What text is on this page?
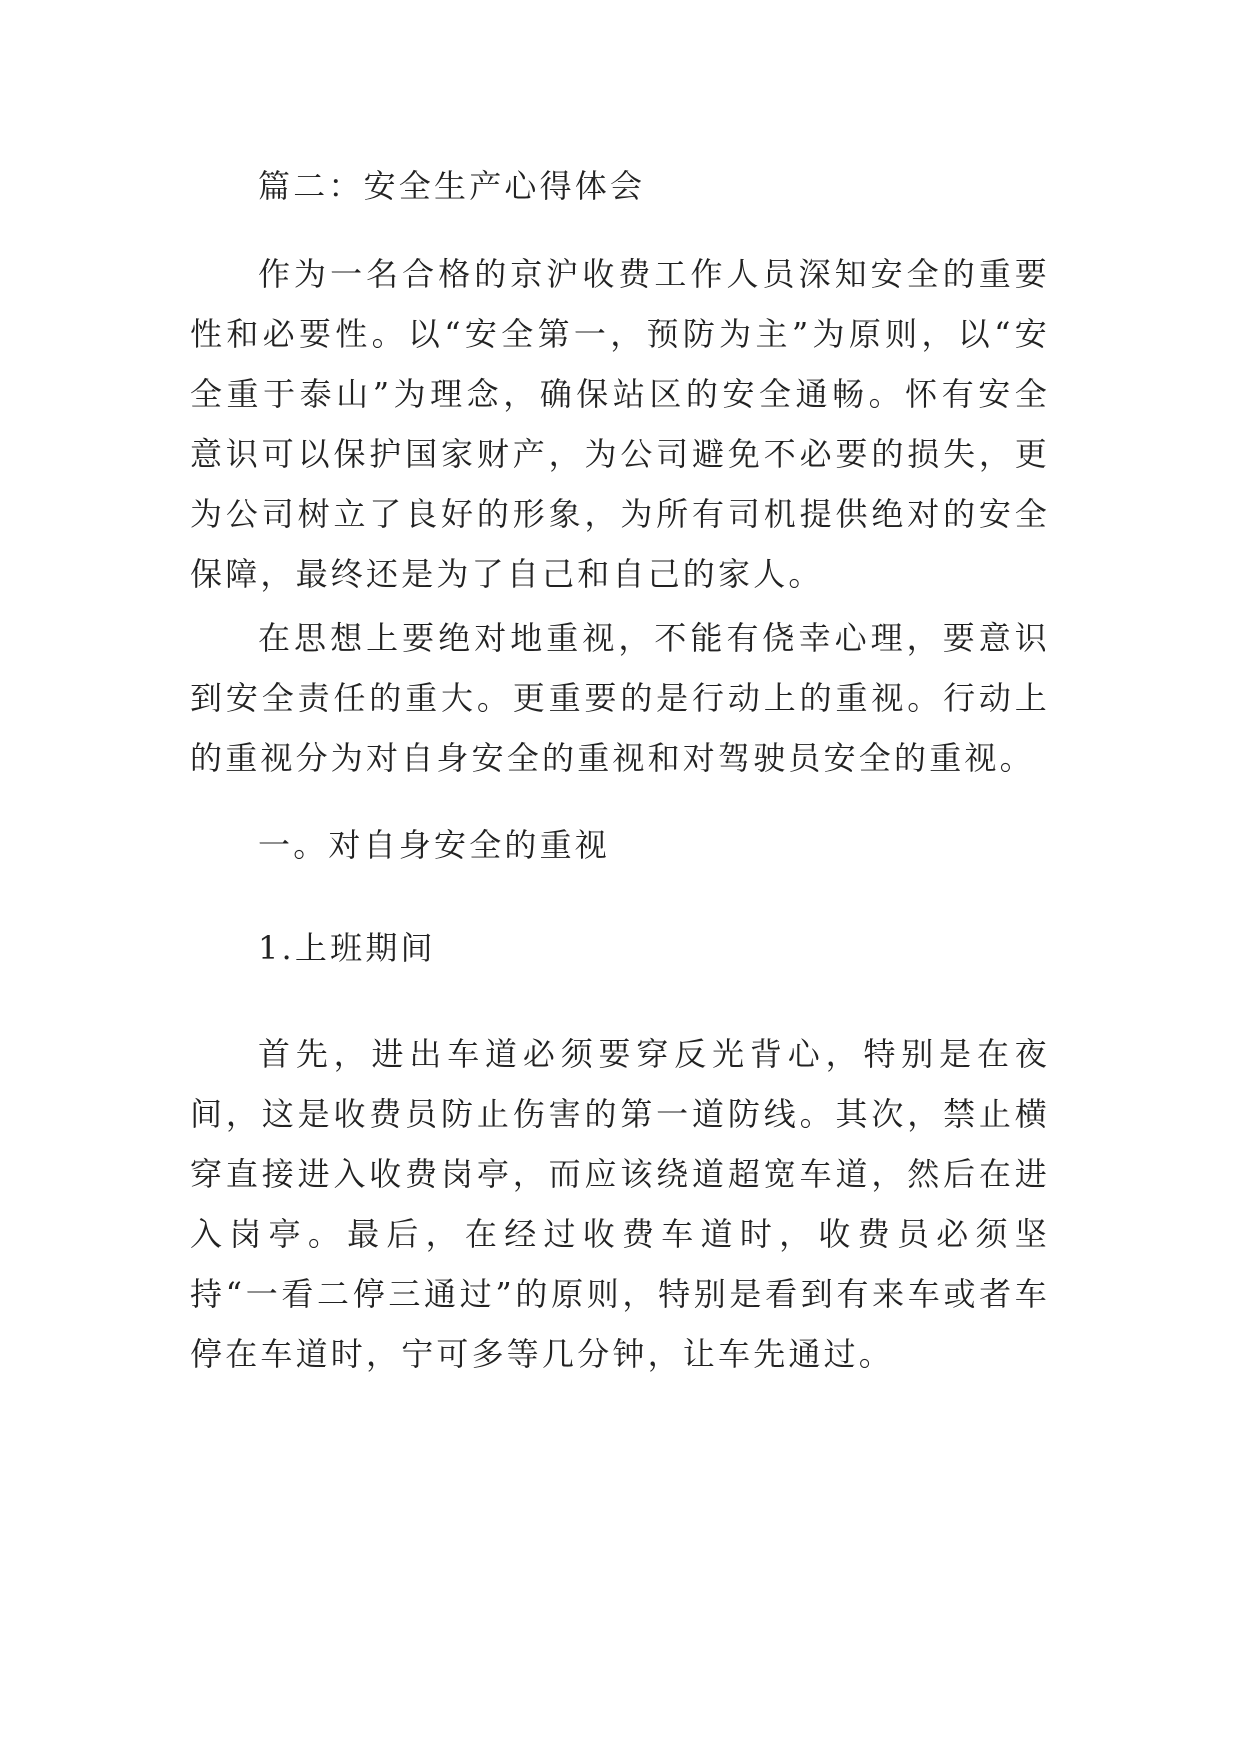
篇二：安全生产心得体会

作为一名合格的京沪收费工作人员深知安全的重要性和必要性。以“安全第一，预防为主”为原则，以“安全重于泰山”为理念，确保站区的安全通畅。怀有安全意识可以保护国家财产，为公司避免不必要的损失，更为公司树立了良好的形象，为所有司机提供绝对的安全保障，最终还是为了自己和自己的家人。

在思想上要绝对地重视，不能有侥幸心理，要意识到安全责任的重大。更重要的是行动上的重视。行动上的重视分为对自身安全的重视和对驾驶员安全的重视。

一。对自身安全的重视

1.上班期间

首先，进出车道必须要穿反光背心，特别是在夜间，这是收费员防止伤害的第一道防线。其次，禁止横穿直接进入收费岗亭，而应该绕道超宽车道，然后在进入岗亭。最后，在经过收费车道时，收费员必须坚持“一看二停三通过”的原则，特别是看到有来车或者车停在车道时，宁可多等几分钟，让车先通过。
